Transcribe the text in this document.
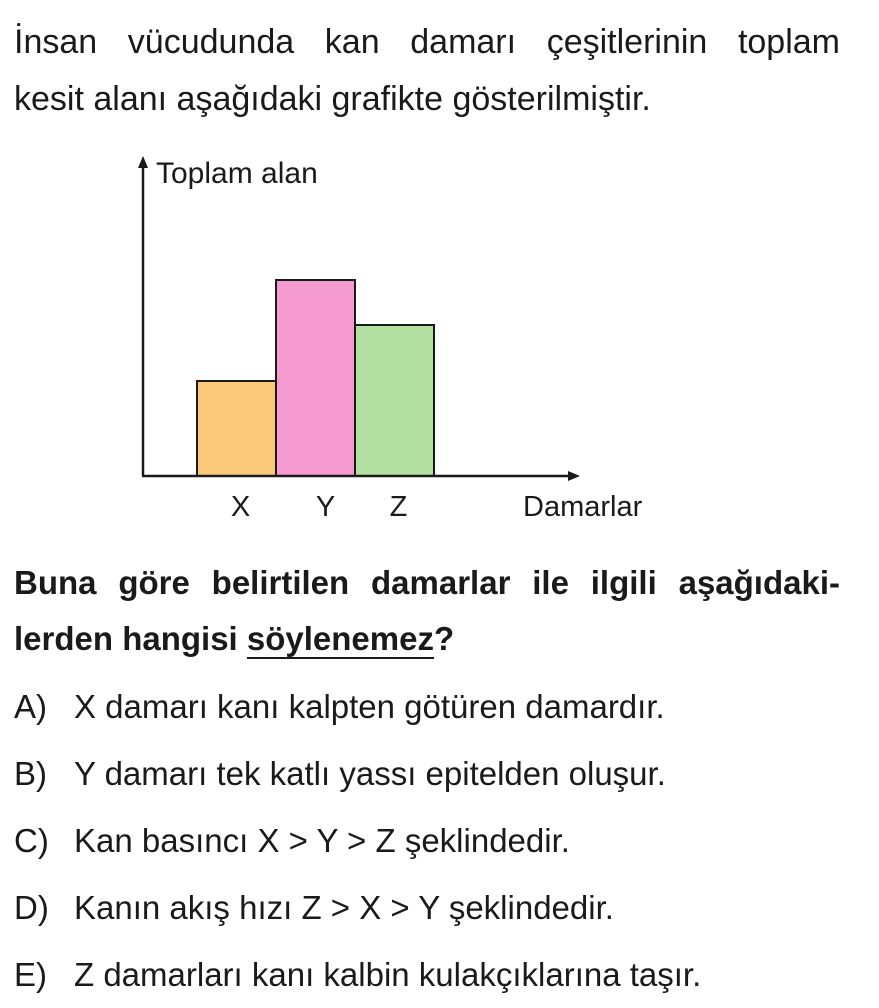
İnsan vücudunda kan damarı çeşitlerinin toplam
kesit alanı aşağıdaki grafikte gösterilmiştir.
Toplam alan
Damarlar
X Y Z
Buna göre belirtilen damarlar ile ilgili aşağıdaki-
lerden hangisi söylenemez?
A) X damarı kanı kalpten götüren damardır.
B) Y damarı tek katlı yassı epitelden oluşur.
C) Kan basıncı X > Y > Z şeklindedir.
D) Kanın akış hızı Z > X > Y şeklindedir.
E) Z damarları kanı kalbin kulakçıklarına taşır.
